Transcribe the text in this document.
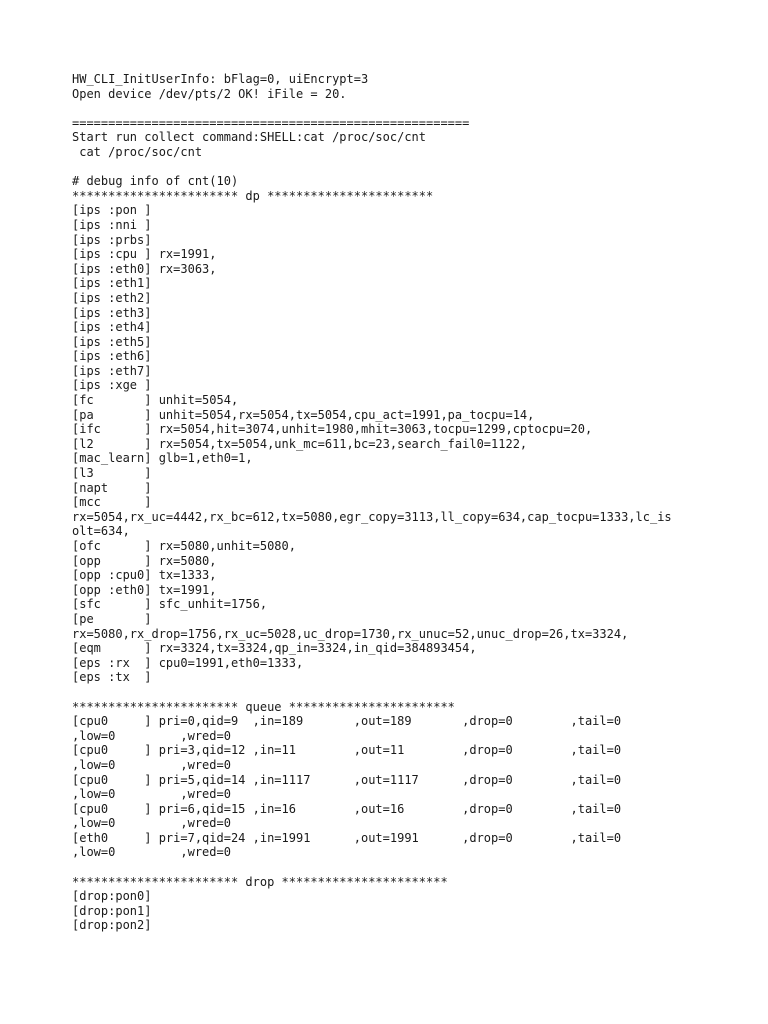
HW_CLI_InitUserInfo: bFlag=0, uiEncrypt=3
Open device /dev/pts/2 OK! iFile = 20.
=======================================================
Start run collect command:SHELL:cat /proc/soc/cnt
cat /proc/soc/cnt
# debug info of cnt(10)
*********************** dp ***********************
[ips :pon ]
[ips :nni ]
[ips :prbs]
[ips :cpu ] rx=1991,
[ips :eth0] rx=3063,
[ips :eth1]
[ips :eth2]
[ips :eth3]
[ips :eth4]
[ips :eth5]
[ips :eth6]
[ips :eth7]
[ips :xge ]
[fc       ] unhit=5054,
[pa       ] unhit=5054,rx=5054,tx=5054,cpu_act=1991,pa_tocpu=14,
[ifc      ] rx=5054,hit=3074,unhit=1980,mhit=3063,tocpu=1299,cptocpu=20,
[l2       ] rx=5054,tx=5054,unk_mc=611,bc=23,search_fail0=1122,
[mac_learn] glb=1,eth0=1,
[l3       ]
[napt     ]
[mcc      ]
rx=5054,rx_uc=4442,rx_bc=612,tx=5080,egr_copy=3113,ll_copy=634,cap_tocpu=1333,lc_is
olt=634,
[ofc      ] rx=5080,unhit=5080,
[opp      ] rx=5080,
[opp :cpu0] tx=1333,
[opp :eth0] tx=1991,
[sfc      ] sfc_unhit=1756,
[pe       ]
rx=5080,rx_drop=1756,rx_uc=5028,uc_drop=1730,rx_unuc=52,unuc_drop=26,tx=3324,
[eqm      ] rx=3324,tx=3324,qp_in=3324,in_qid=384893454,
[eps :rx  ] cpu0=1991,eth0=1333,
[eps :tx  ]
*********************** queue ***********************
[cpu0     ] pri=0,qid=9  ,in=189       ,out=189       ,drop=0        ,tail=0
,low=0         ,wred=0
[cpu0     ] pri=3,qid=12 ,in=11        ,out=11        ,drop=0        ,tail=0
,low=0         ,wred=0
[cpu0     ] pri=5,qid=14 ,in=1117      ,out=1117      ,drop=0        ,tail=0
,low=0         ,wred=0
[cpu0     ] pri=6,qid=15 ,in=16        ,out=16        ,drop=0        ,tail=0
,low=0         ,wred=0
[eth0     ] pri=7,qid=24 ,in=1991      ,out=1991      ,drop=0        ,tail=0
,low=0         ,wred=0
*********************** drop ***********************
[drop:pon0]
[drop:pon1]
[drop:pon2]
